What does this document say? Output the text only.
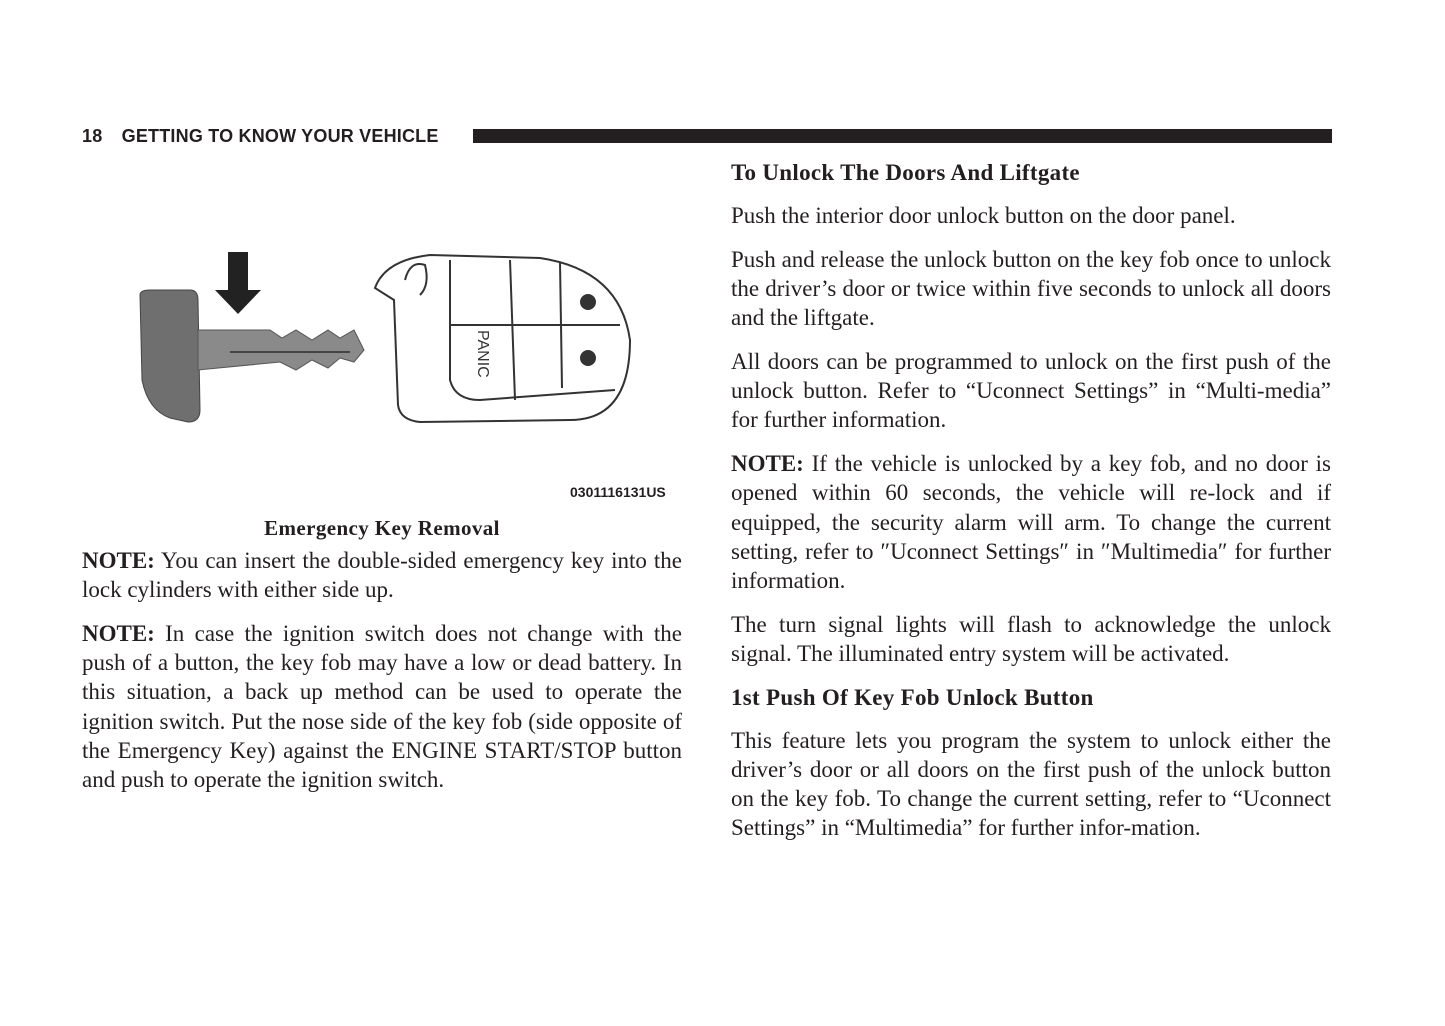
18 GETTING TO KNOW YOUR VEHICLE
PANIC
0301116131US
Emergency Key Removal

NOTE: You can insert the double-sided emergency key into the lock cylinders with either side up.

NOTE: In case the ignition switch does not change with the push of a button, the key fob may have a low or dead battery. In this situation, a back up method can be used to operate the ignition switch. Put the nose side of the key fob (side opposite of the Emergency Key) against the ENGINE START/STOP button and push to operate the ignition switch.

To Unlock The Doors And Liftgate

Push the interior door unlock button on the door panel.

Push and release the unlock button on the key fob once to unlock the driver’s door or twice within five seconds to unlock all doors and the liftgate.

All doors can be programmed to unlock on the first push of the unlock button. Refer to “Uconnect Settings” in “Multi-media” for further information.

NOTE: If the vehicle is unlocked by a key fob, and no door is opened within 60 seconds, the vehicle will re-lock and if equipped, the security alarm will arm. To change the current setting, refer to ″Uconnect Settings″ in ″Multimedia″ for further information.

The turn signal lights will flash to acknowledge the unlock signal. The illuminated entry system will be activated.

1st Push Of Key Fob Unlock Button

This feature lets you program the system to unlock either the driver’s door or all doors on the first push of the unlock button on the key fob. To change the current setting, refer to “Uconnect Settings” in “Multimedia” for further infor-mation.
